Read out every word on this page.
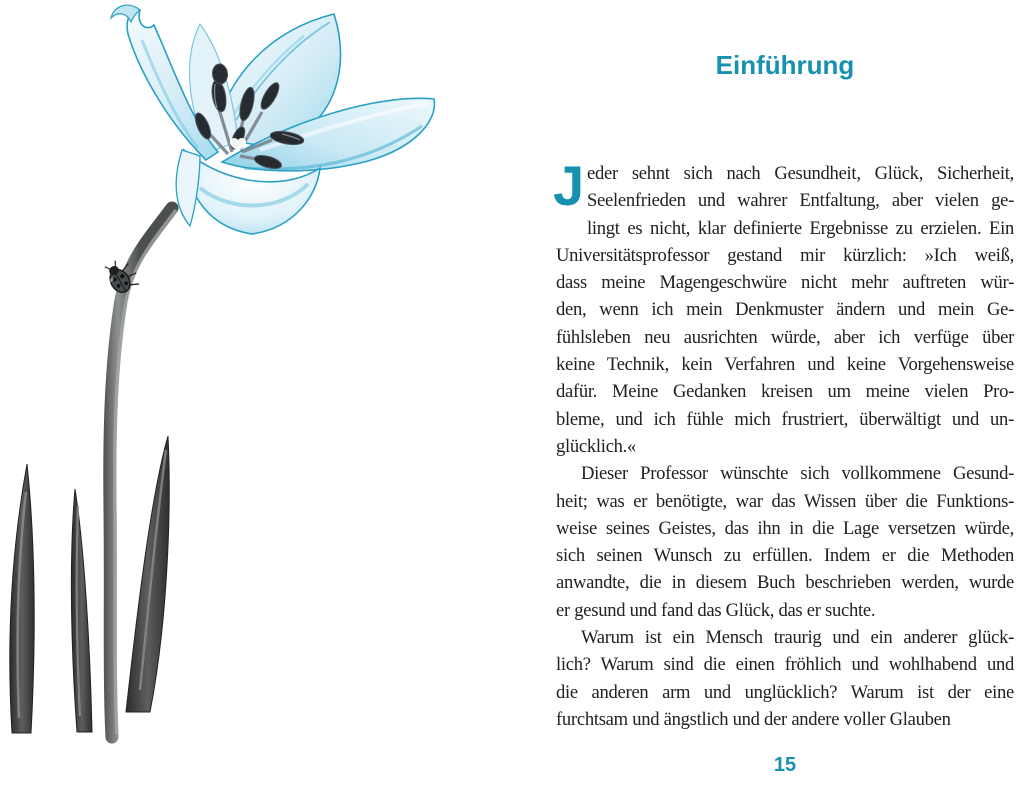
Einführung
J eder sehnt sich nach Gesundheit, Glück, Sicherheit,
Seelenfrieden und wahrer Entfaltung, aber vielen ge-
lingt es nicht, klar definierte Ergebnisse zu erzielen. Ein
Universitätsprofessor gestand mir kürzlich: »Ich weiß,
dass meine Magengeschwüre nicht mehr auftreten wür-
den, wenn ich mein Denkmuster ändern und mein Ge-
fühlsleben neu ausrichten würde, aber ich verfüge über
keine Technik, kein Verfahren und keine Vorgehensweise
dafür. Meine Gedanken kreisen um meine vielen Pro-
bleme, und ich fühle mich frustriert, überwältigt und un-
glücklich.«
Dieser Professor wünschte sich vollkommene Gesund-
heit; was er benötigte, war das Wissen über die Funktions-
weise seines Geistes, das ihn in die Lage versetzen würde,
sich seinen Wunsch zu erfüllen. Indem er die Methoden
anwandte, die in diesem Buch beschrieben werden, wurde
er gesund und fand das Glück, das er suchte.
Warum ist ein Mensch traurig und ein anderer glück-
lich? Warum sind die einen fröhlich und wohlhabend und
die anderen arm und unglücklich? Warum ist der eine
furchtsam und ängstlich und der andere voller Glauben
15
